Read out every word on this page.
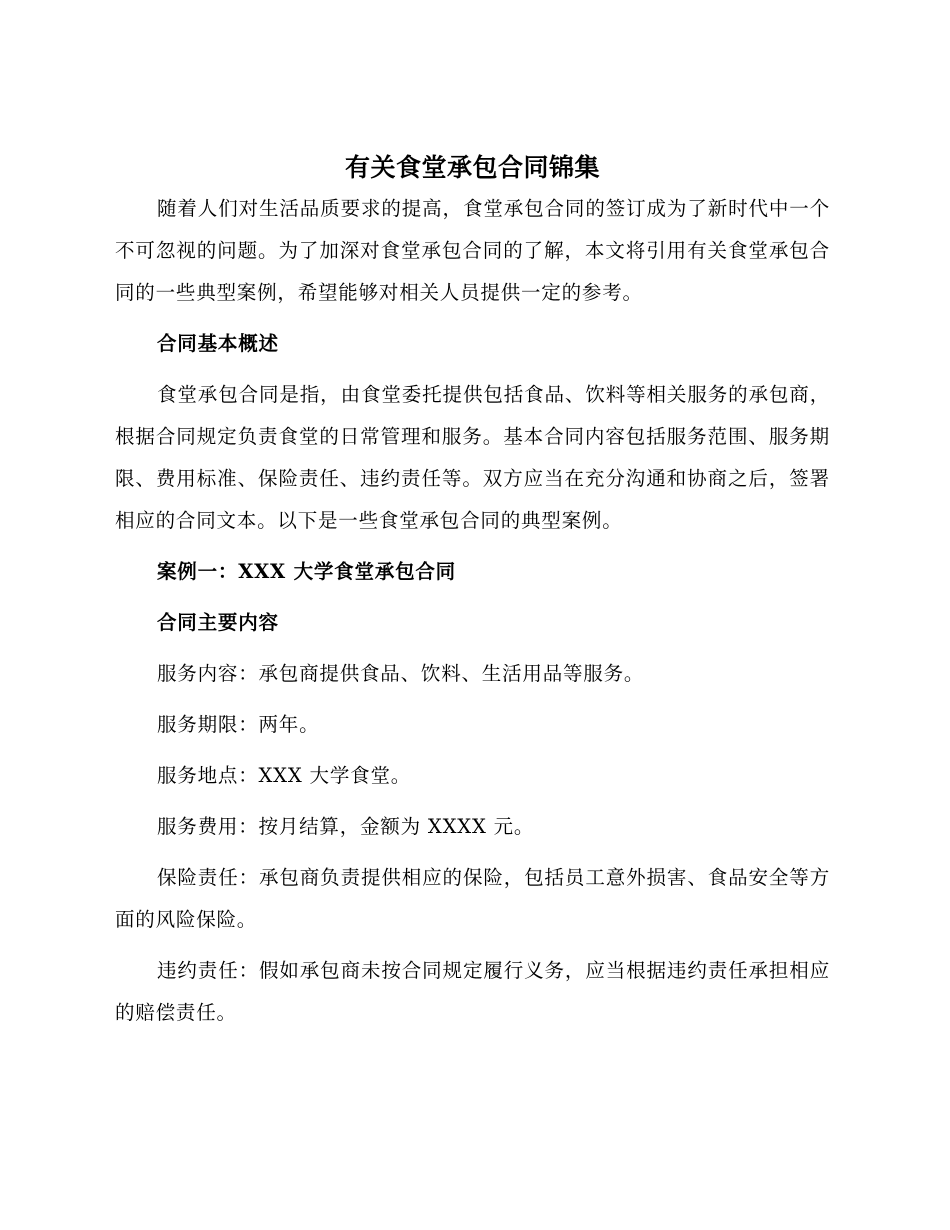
有关食堂承包合同锦集

随着人们对生活品质要求的提高，食堂承包合同的签订成为了新时代中一个不可忽视的问题。为了加深对食堂承包合同的了解，本文将引用有关食堂承包合同的一些典型案例，希望能够对相关人员提供一定的参考。

合同基本概述

食堂承包合同是指，由食堂委托提供包括食品、饮料等相关服务的承包商，根据合同规定负责食堂的日常管理和服务。基本合同内容包括服务范围、服务期限、费用标准、保险责任、违约责任等。双方应当在充分沟通和协商之后，签署相应的合同文本。以下是一些食堂承包合同的典型案例。

案例一：XXX 大学食堂承包合同

合同主要内容

服务内容：承包商提供食品、饮料、生活用品等服务。

服务期限：两年。

服务地点：XXX 大学食堂。

服务费用：按月结算，金额为 XXXX 元。

保险责任：承包商负责提供相应的保险，包括员工意外损害、食品安全等方面的风险保险。

违约责任：假如承包商未按合同规定履行义务，应当根据违约责任承担相应的赔偿责任。
